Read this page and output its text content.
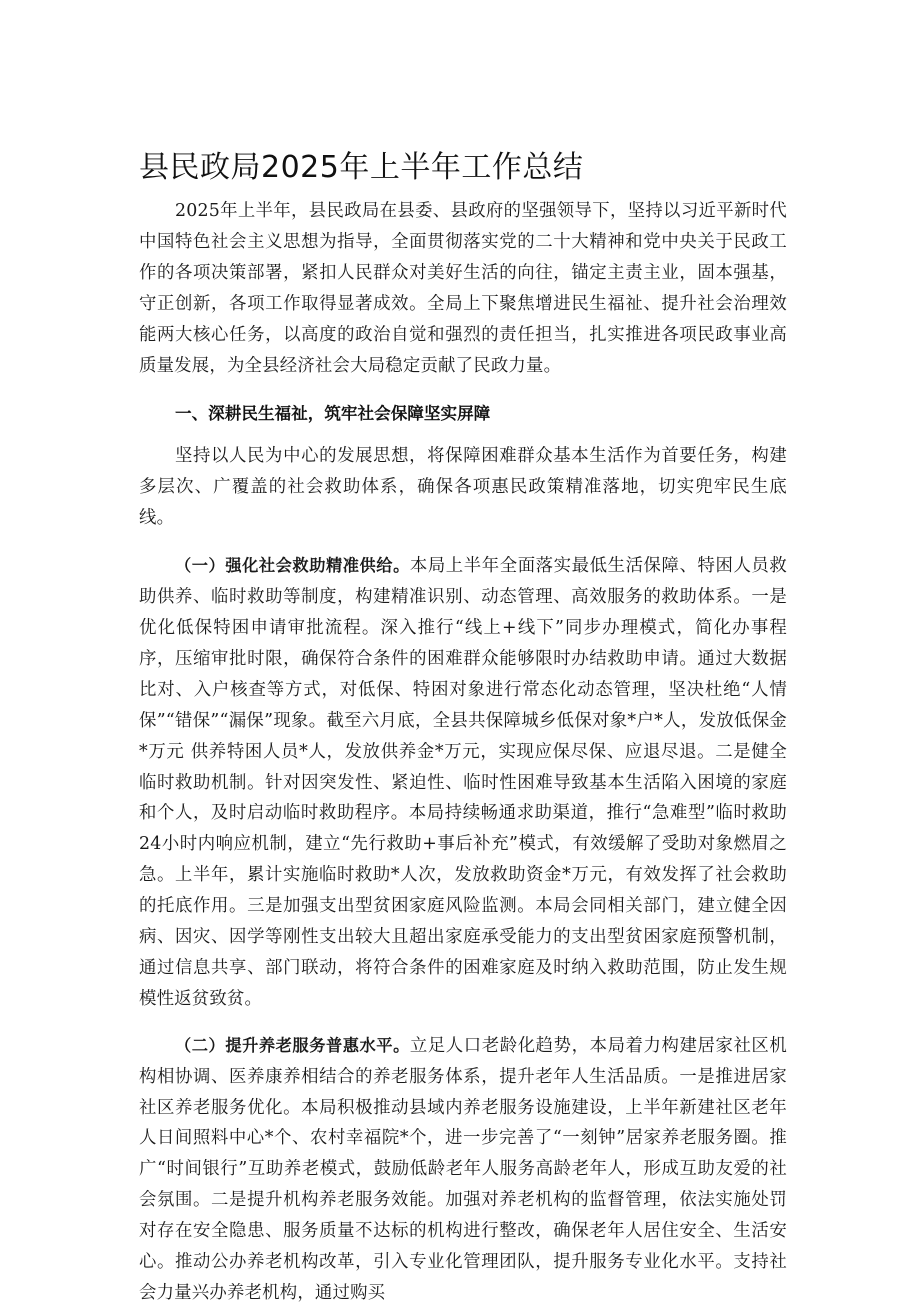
县民政局2025年上半年工作总结

2025年上半年，县民政局在县委、县政府的坚强领导下，坚持以习近平新时代中国特色社会主义思想为指导，全面贯彻落实党的二十大精神和党中央关于民政工作的各项决策部署，紧扣人民群众对美好生活的向往，锚定主责主业，固本强基，守正创新，各项工作取得显著成效。全局上下聚焦增进民生福祉、提升社会治理效能两大核心任务，以高度的政治自觉和强烈的责任担当，扎实推进各项民政事业高质量发展，为全县经济社会大局稳定贡献了民政力量。

一、深耕民生福祉，筑牢社会保障坚实屏障

坚持以人民为中心的发展思想，将保障困难群众基本生活作为首要任务，构建多层次、广覆盖的社会救助体系，确保各项惠民政策精准落地，切实兜牢民生底线。

（一）强化社会救助精准供给。本局上半年全面落实最低生活保障、特困人员救助供养、临时救助等制度，构建精准识别、动态管理、高效服务的救助体系。一是优化低保特困申请审批流程。深入推行“线上+线下”同步办理模式，简化办事程序，压缩审批时限，确保符合条件的困难群众能够限时办结救助申请。通过大数据比对、入户核查等方式，对低保、特困对象进行常态化动态管理，坚决杜绝“人情保”“错保”“漏保”现象。截至六月底，全县共保障城乡低保对象*户*人，发放低保金*万元 供养特困人员*人，发放供养金*万元，实现应保尽保、应退尽退。二是健全临时救助机制。针对因突发性、紧迫性、临时性困难导致基本生活陷入困境的家庭和个人，及时启动临时救助程序。本局持续畅通求助渠道，推行“急难型”临时救助24小时内响应机制，建立“先行救助+事后补充”模式，有效缓解了受助对象燃眉之急。上半年，累计实施临时救助*人次，发放救助资金*万元，有效发挥了社会救助的托底作用。三是加强支出型贫困家庭风险监测。本局会同相关部门，建立健全因病、因灾、因学等刚性支出较大且超出家庭承受能力的支出型贫困家庭预警机制，通过信息共享、部门联动，将符合条件的困难家庭及时纳入救助范围，防止发生规模性返贫致贫。

（二）提升养老服务普惠水平。立足人口老龄化趋势，本局着力构建居家社区机构相协调、医养康养相结合的养老服务体系，提升老年人生活品质。一是推进居家社区养老服务优化。本局积极推动县域内养老服务设施建设，上半年新建社区老年人日间照料中心*个、农村幸福院*个，进一步完善了“一刻钟”居家养老服务圈。推广“时间银行”互助养老模式，鼓励低龄老年人服务高龄老年人，形成互助友爱的社会氛围。二是提升机构养老服务效能。加强对养老机构的监督管理，依法实施处罚对存在安全隐患、服务质量不达标的机构进行整改，确保老年人居住安全、生活安心。推动公办养老机构改革，引入专业化管理团队，提升服务专业化水平。支持社会力量兴办养老机构，通过购买
